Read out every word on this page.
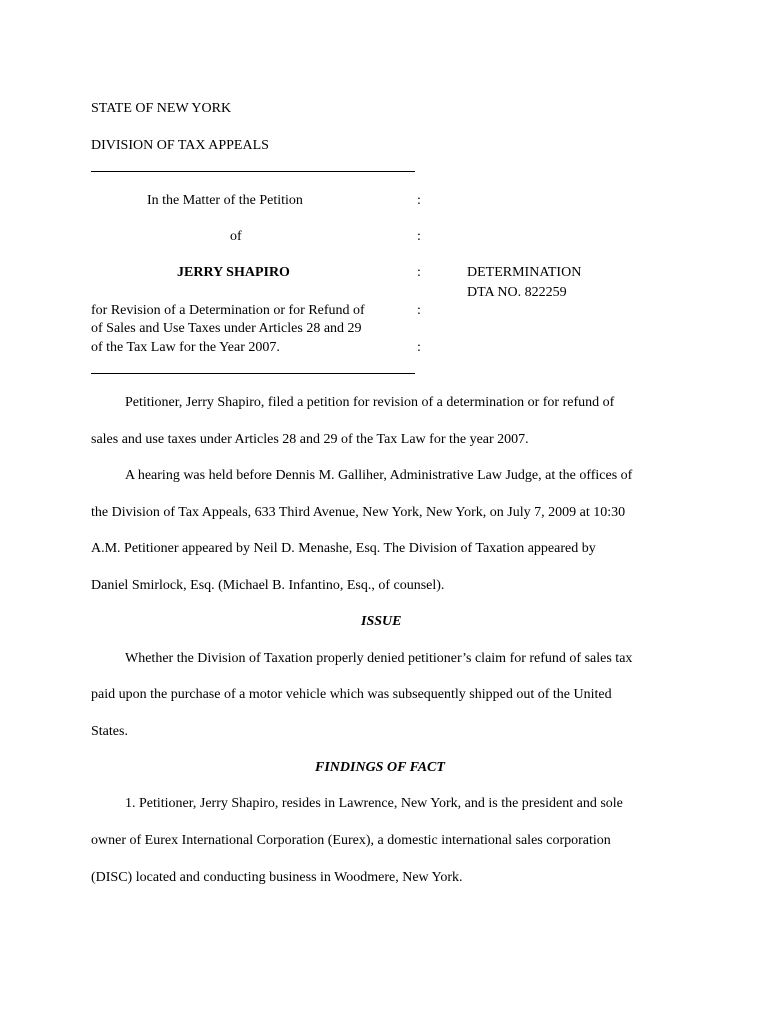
STATE OF NEW YORK
DIVISION OF TAX APPEALS
In the Matter of the Petition	:
of	:
JERRY SHAPIRO	:	DETERMINATION
DTA NO. 822259
for Revision of a Determination or for Refund of	:
of Sales and Use Taxes under Articles 28 and 29
of the Tax Law for the Year 2007.	:
Petitioner, Jerry Shapiro, filed a petition for revision of a determination or for refund of
sales and use taxes under Articles 28 and 29 of the Tax Law for the year 2007.
A hearing was held before Dennis M. Galliher, Administrative Law Judge, at the offices of
the Division of Tax Appeals, 633 Third Avenue, New York, New York, on July 7, 2009 at 10:30
A.M. Petitioner appeared by Neil D. Menashe, Esq. The Division of Taxation appeared by
Daniel Smirlock, Esq. (Michael B. Infantino, Esq., of counsel).
ISSUE
Whether the Division of Taxation properly denied petitioner’s claim for refund of sales tax
paid upon the purchase of a motor vehicle which was subsequently shipped out of the United
States.
FINDINGS OF FACT
1. Petitioner, Jerry Shapiro, resides in Lawrence, New York, and is the president and sole
owner of Eurex International Corporation (Eurex), a domestic international sales corporation
(DISC) located and conducting business in Woodmere, New York.
